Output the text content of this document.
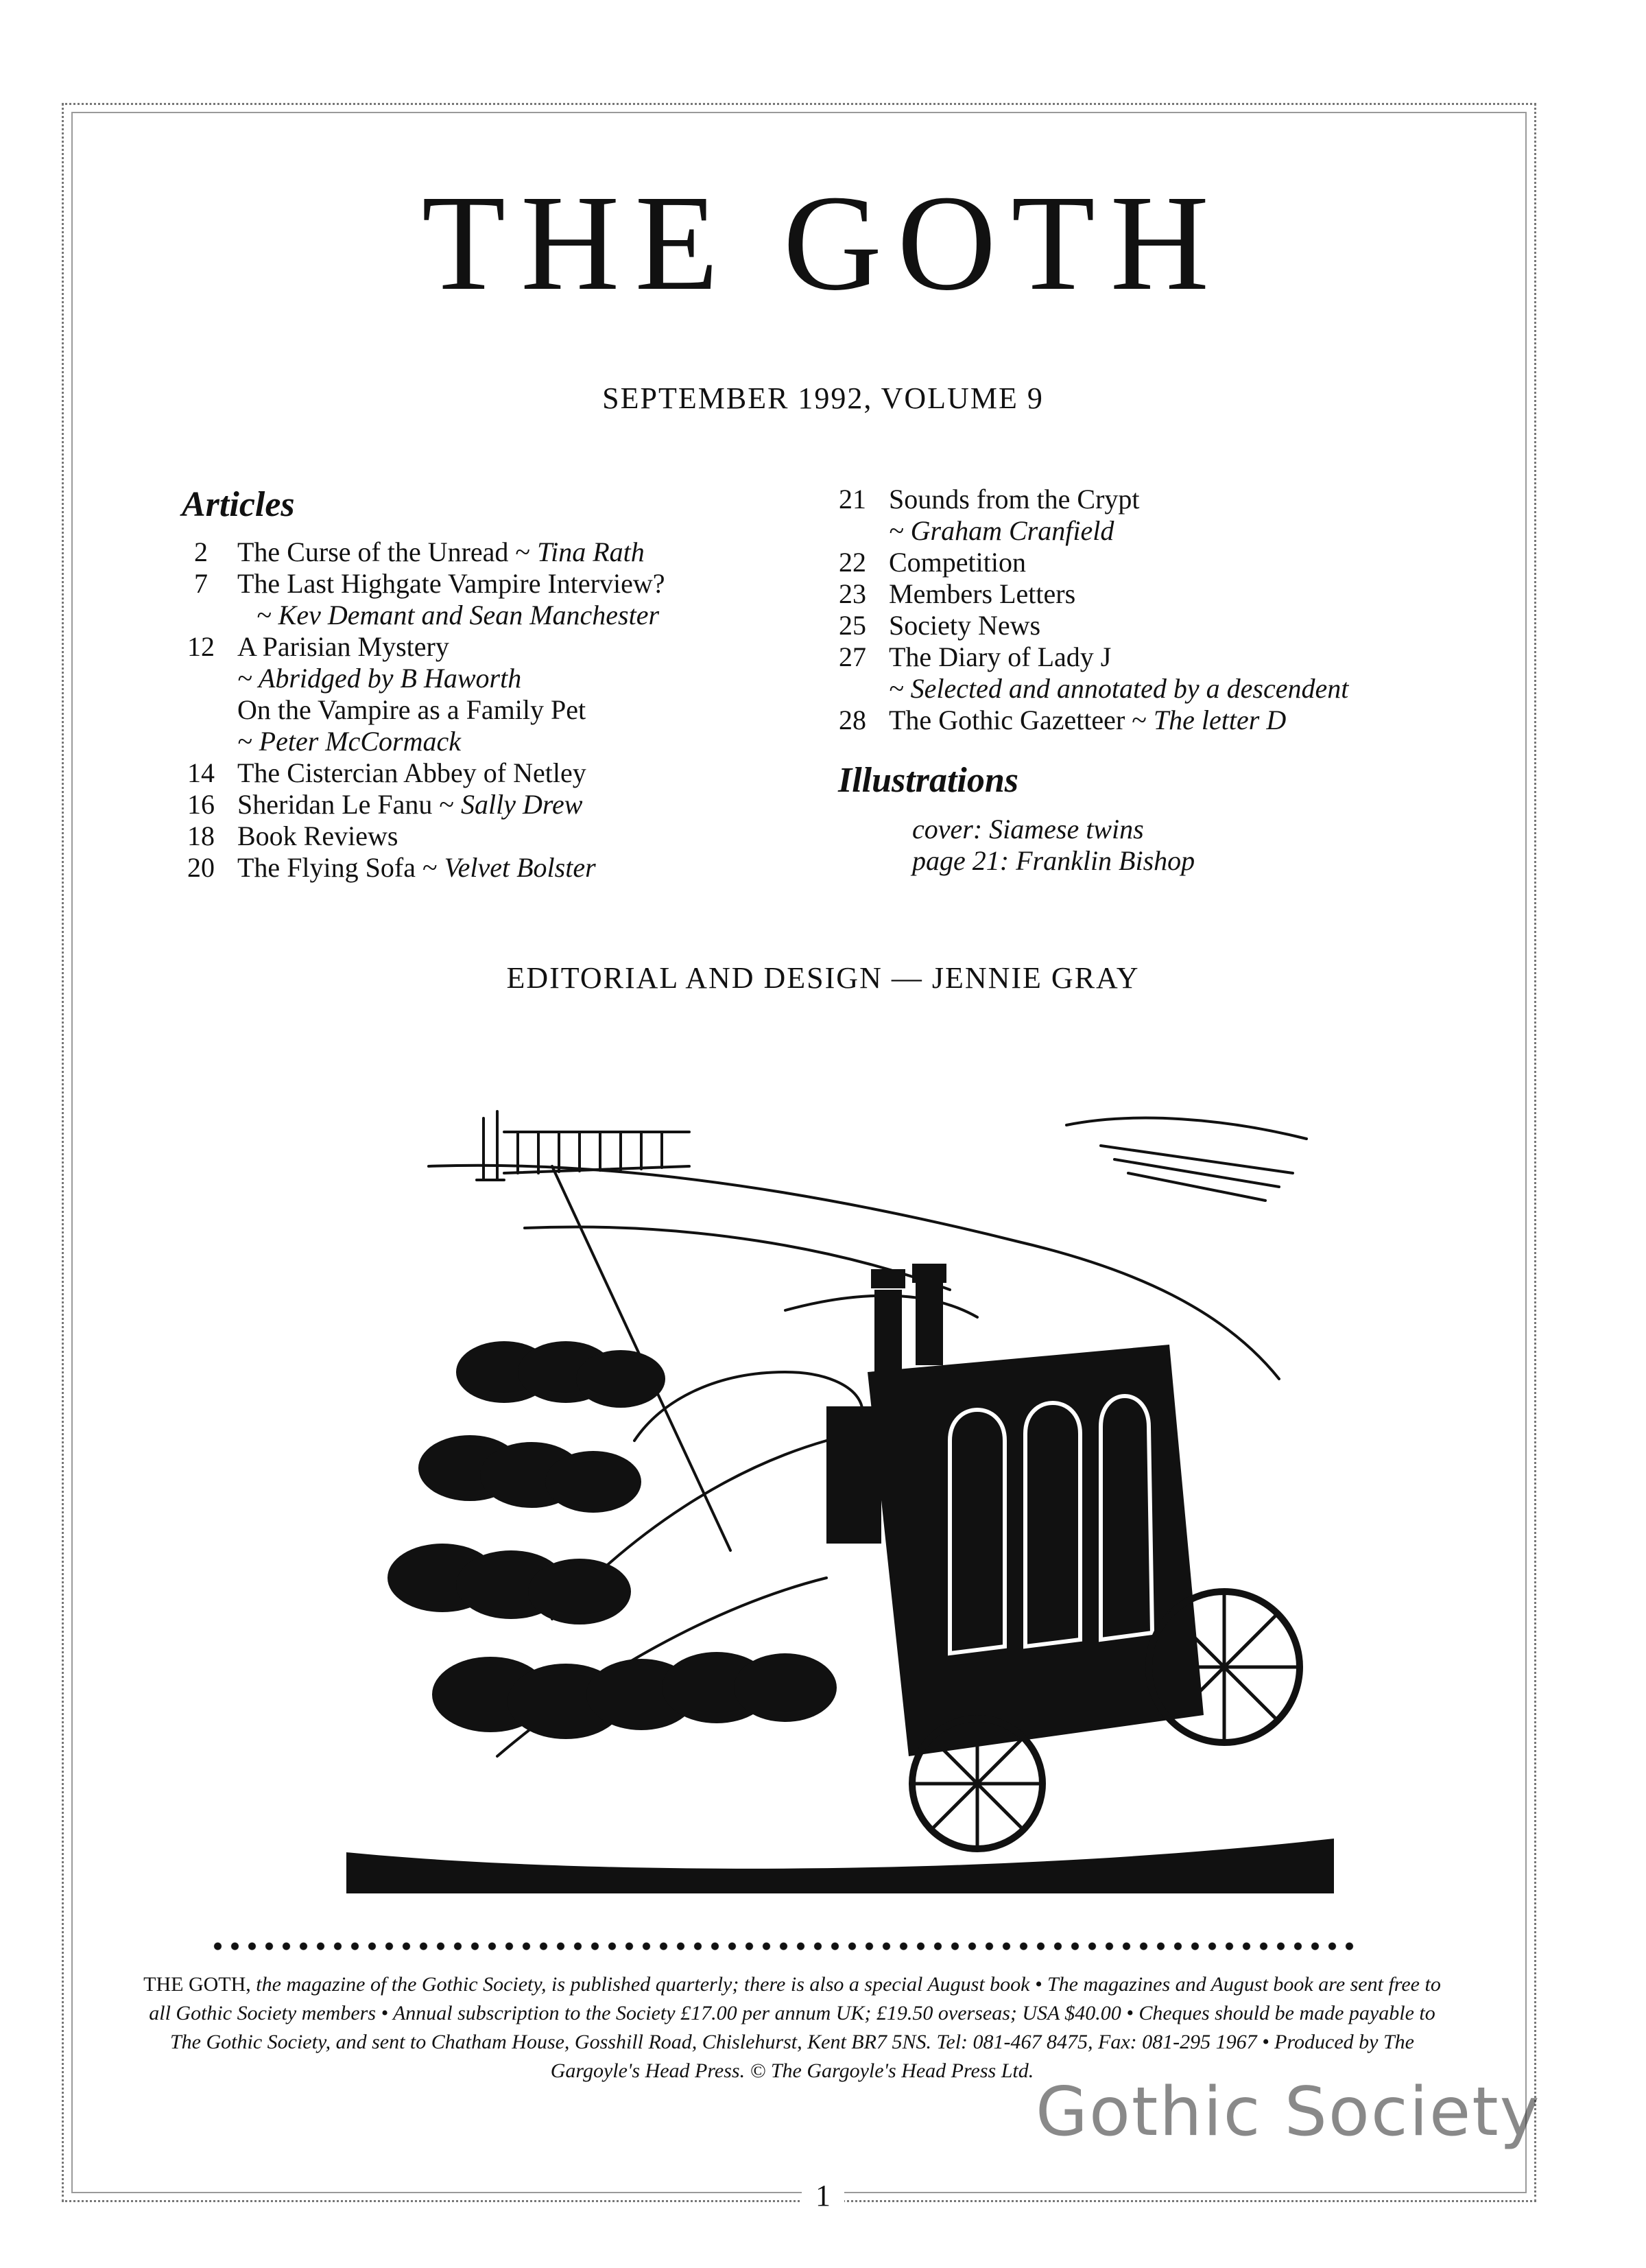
THE GOTH
SEPTEMBER 1992, VOLUME 9
Articles
2	The Curse of the Unread ~ Tina Rath
7	The Last Highgate Vampire Interview?
~ Kev Demant and Sean Manchester
12 A Parisian Mystery
~ Abridged by B Haworth
On the Vampire as a Family Pet
~ Peter McCormack
14 The Cistercian Abbey of Netley
16 Sheridan Le Fanu ~ Sally Drew
18 Book Reviews
20 The Flying Sofa ~ Velvet Bolster
21 Sounds from the Crypt
~ Graham Cranfield
22 Competition
23 Members Letters
25 Society News
27 The Diary of Lady J
~ Selected and annotated by a descendent
28 The Gothic Gazetteer ~ The letter D
Illustrations
cover: Siamese twins
page 21: Franklin Bishop
EDITORIAL AND DESIGN — JENNIE GRAY
THE GOTH, the magazine of the Gothic Society, is published quarterly; there is also a special August book • The magazines and August book are sent free to all Gothic Society members • Annual subscription to the Society £17.00 per annum UK; £19.50 overseas; USA $40.00 • Cheques should be made payable to The Gothic Society, and sent to Chatham House, Gosshill Road, Chislehurst, Kent BR7 5NS. Tel: 081-467 8475, Fax: 081-295 1967 • Produced by The Gargoyle's Head Press. © The Gargoyle's Head Press Ltd.
1
Gothic Society
